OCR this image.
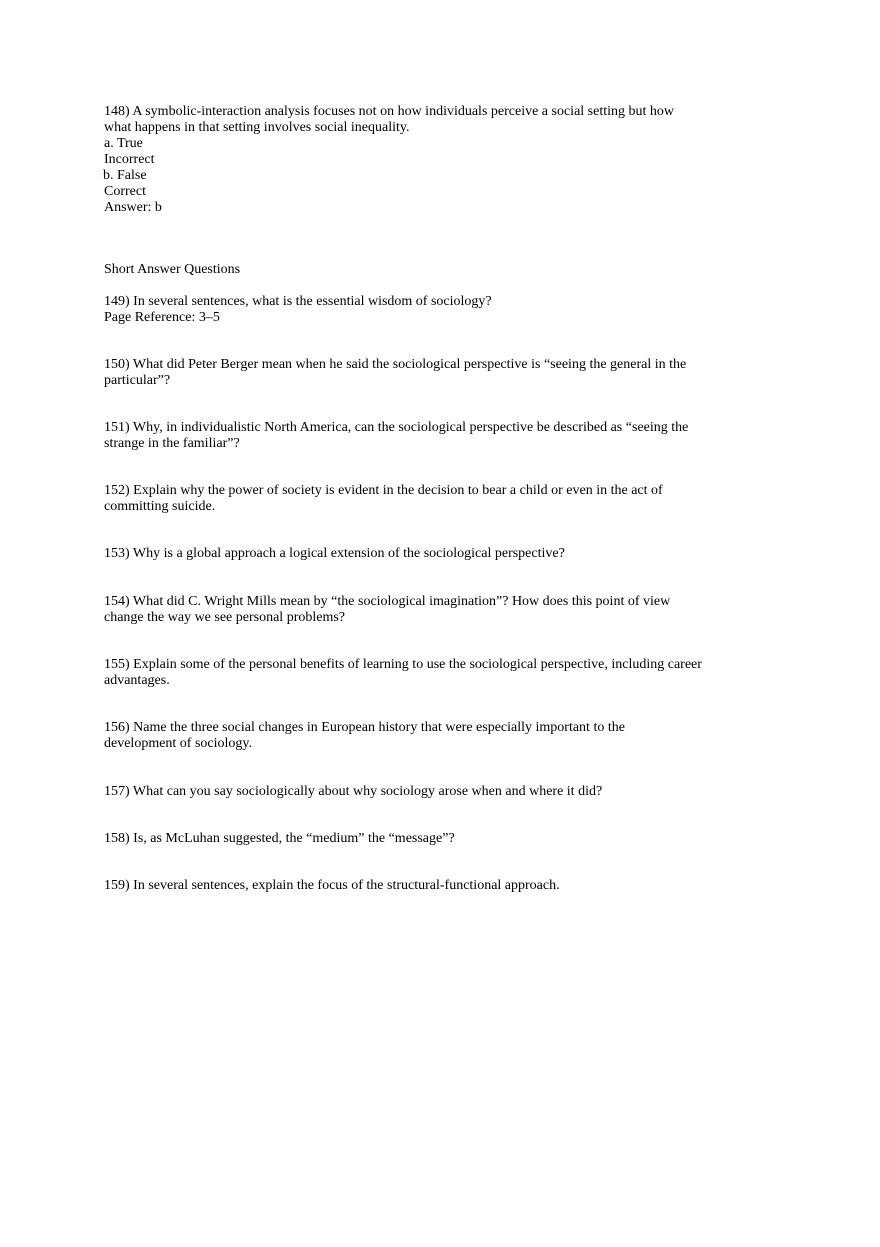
148) A symbolic-interaction analysis focuses not on how individuals perceive a social setting but how
what happens in that setting involves social inequality.
a. True
Incorrect
b. False
Correct
Answer: b
Short Answer Questions
149) In several sentences, what is the essential wisdom of sociology?
Page Reference: 3–5
150) What did Peter Berger mean when he said the sociological perspective is “seeing the general in the
particular”?
151) Why, in individualistic North America, can the sociological perspective be described as “seeing the
strange in the familiar”?
152) Explain why the power of society is evident in the decision to bear a child or even in the act of
committing suicide.
153) Why is a global approach a logical extension of the sociological perspective?
154) What did C. Wright Mills mean by “the sociological imagination”? How does this point of view
change the way we see personal problems?
155) Explain some of the personal benefits of learning to use the sociological perspective, including career
advantages.
156) Name the three social changes in European history that were especially important to the
development of sociology.
157) What can you say sociologically about why sociology arose when and where it did?
158) Is, as McLuhan suggested, the “medium” the “message”?
159) In several sentences, explain the focus of the structural-functional approach.
